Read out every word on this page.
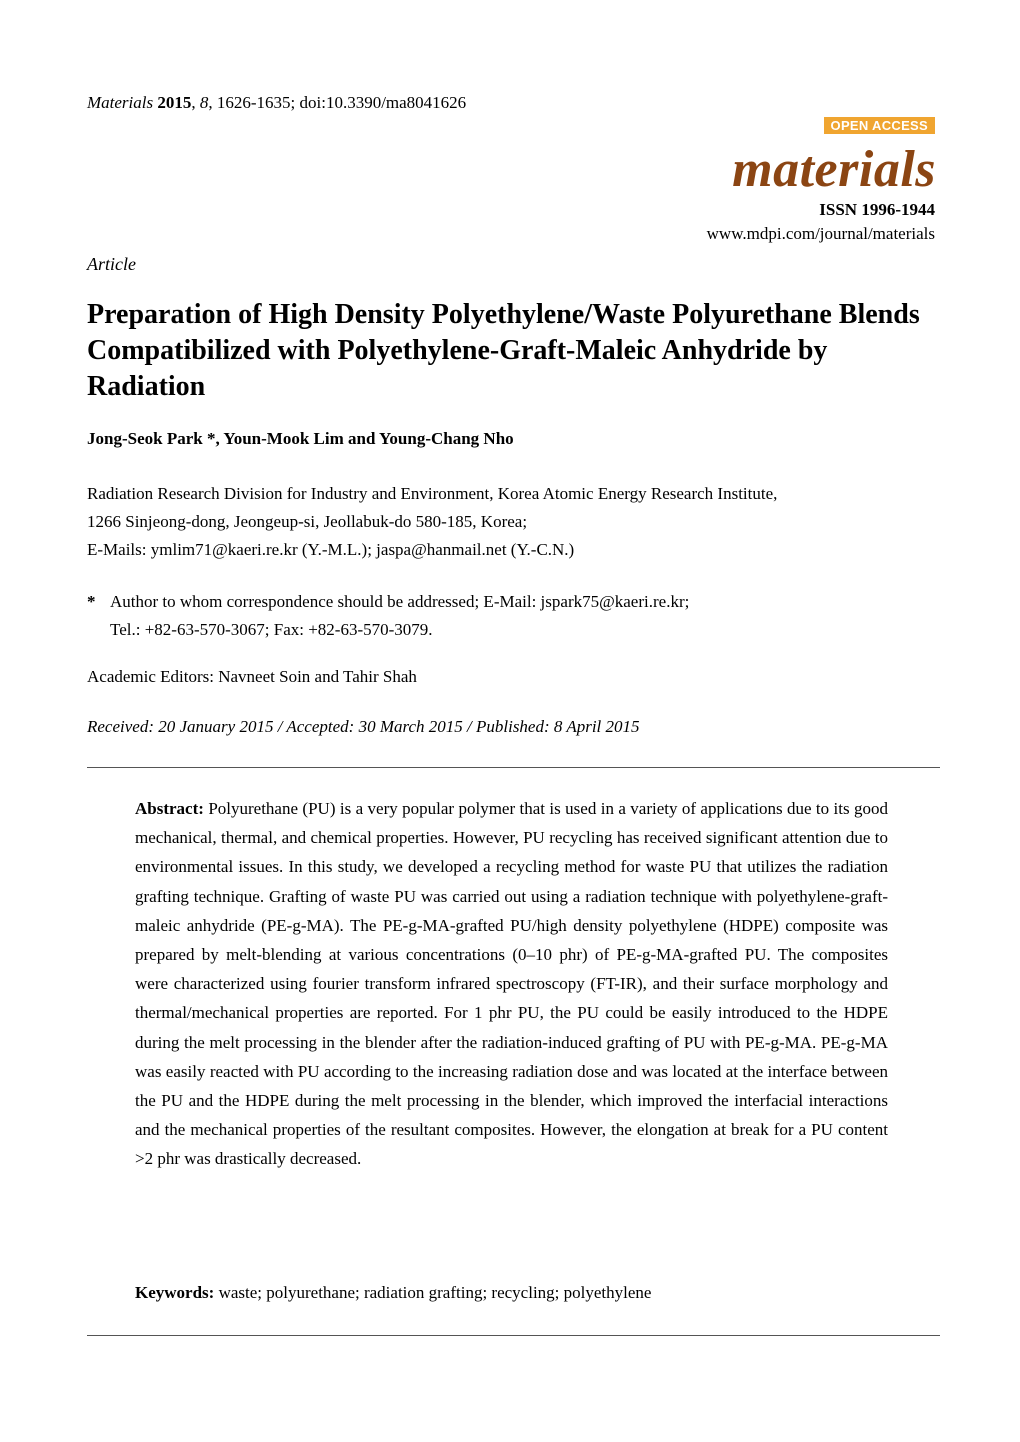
Materials 2015, 8, 1626-1635; doi:10.3390/ma8041626
OPEN ACCESS
materials
ISSN 1996-1944
www.mdpi.com/journal/materials
Article
Preparation of High Density Polyethylene/Waste Polyurethane Blends Compatibilized with Polyethylene-Graft-Maleic Anhydride by Radiation
Jong-Seok Park *, Youn-Mook Lim and Young-Chang Nho
Radiation Research Division for Industry and Environment, Korea Atomic Energy Research Institute,
1266 Sinjeong-dong, Jeongeup-si, Jeollabuk-do 580-185, Korea;
E-Mails: ymlim71@kaeri.re.kr (Y.-M.L.); jaspa@hanmail.net (Y.-C.N.)
* Author to whom correspondence should be addressed; E-Mail: jspark75@kaeri.re.kr;
Tel.: +82-63-570-3067; Fax: +82-63-570-3079.
Academic Editors: Navneet Soin and Tahir Shah
Received: 20 January 2015 / Accepted: 30 March 2015 / Published: 8 April 2015
Abstract: Polyurethane (PU) is a very popular polymer that is used in a variety of applications due to its good mechanical, thermal, and chemical properties. However, PU recycling has received significant attention due to environmental issues. In this study, we developed a recycling method for waste PU that utilizes the radiation grafting technique. Grafting of waste PU was carried out using a radiation technique with polyethylene-graft-maleic anhydride (PE-g-MA). The PE-g-MA-grafted PU/high density polyethylene (HDPE) composite was prepared by melt-blending at various concentrations (0–10 phr) of PE-g-MA-grafted PU. The composites were characterized using fourier transform infrared spectroscopy (FT-IR), and their surface morphology and thermal/mechanical properties are reported. For 1 phr PU, the PU could be easily introduced to the HDPE during the melt processing in the blender after the radiation-induced grafting of PU with PE-g-MA. PE-g-MA was easily reacted with PU according to the increasing radiation dose and was located at the interface between the PU and the HDPE during the melt processing in the blender, which improved the interfacial interactions and the mechanical properties of the resultant composites. However, the elongation at break for a PU content >2 phr was drastically decreased.
Keywords: waste; polyurethane; radiation grafting; recycling; polyethylene
